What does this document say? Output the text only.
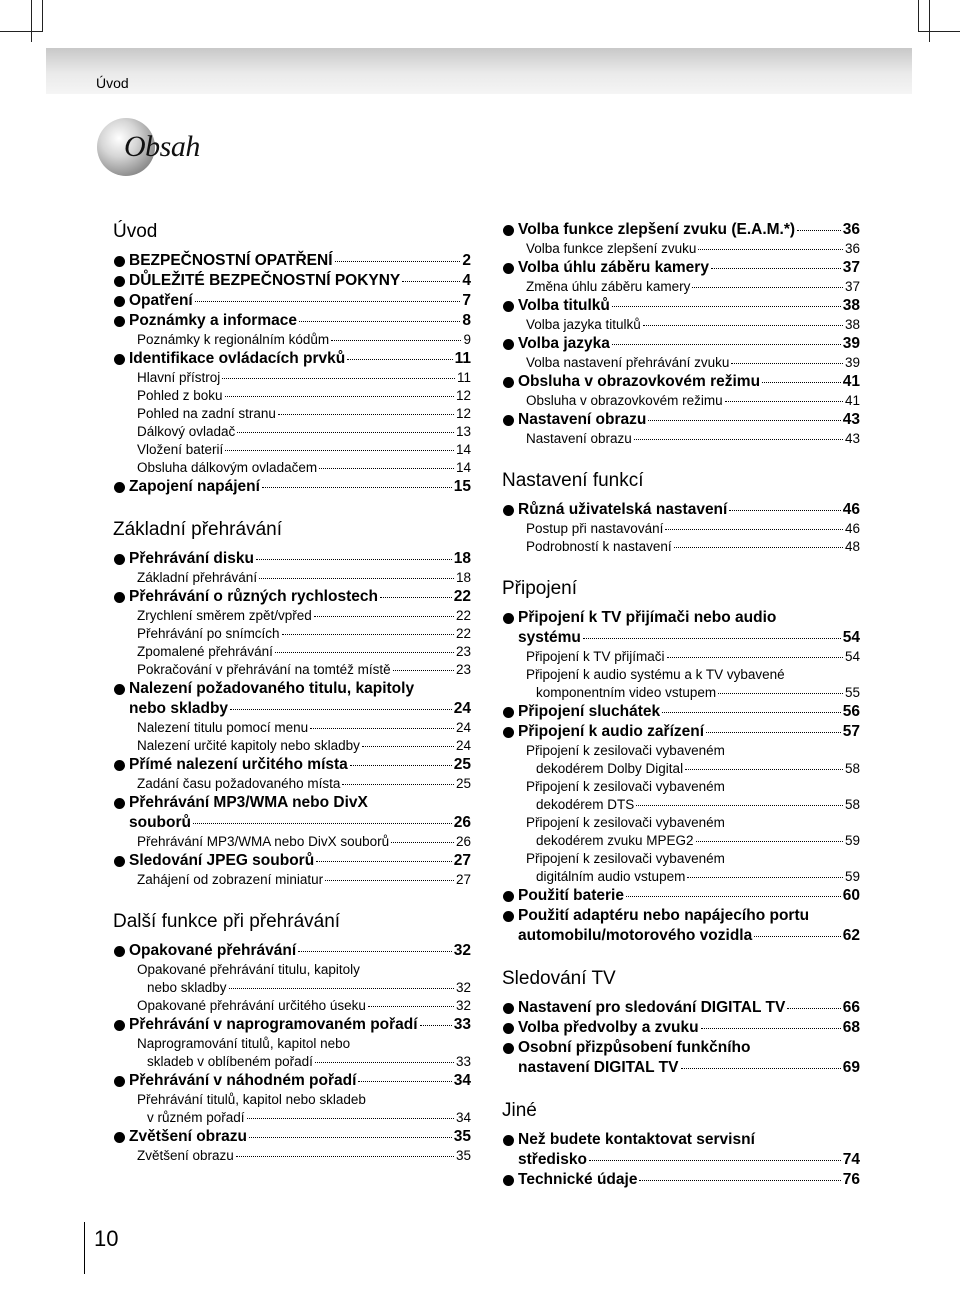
Úvod
Obsah
Úvod
BEZPEČNOSTNÍ OPATŘENÍ	2
DŮLEŽITÉ BEZPEČNOSTNÍ POKYNY	4
Opatření	7
Poznámky a informace	8
Poznámky k regionálním kódům	9
Identifikace ovládacích prvků	11
Hlavní přístroj	11
Pohled z boku	12
Pohled na zadní stranu	12
Dálkový ovladač	13
Vložení baterií	14
Obsluha dálkovým ovladačem	14
Zapojení napájení	15
Základní přehrávání
Přehrávání disku	18
Základní přehrávání	18
Přehrávání o různých rychlostech	22
Zrychlení směrem zpět/vpřed	22
Přehrávání po snímcích	22
Zpomalené přehrávání	23
Pokračování v přehrávání na tomtéž místě	23
Nalezení požadovaného titulu, kapitoly
nebo skladby	24
Nalezení titulu pomocí menu	24
Nalezení určité kapitoly nebo skladby	24
Přímé nalezení určitého místa	25
Zadání času požadovaného místa	25
Přehrávání MP3/WMA nebo DivX
souborů	26
Přehrávání MP3/WMA nebo DivX souborů	26
Sledování JPEG souborů	27
Zahájení od zobrazení miniatur	27
Další funkce při přehrávání
Opakované přehrávání	32
Opakované přehrávání titulu, kapitoly
nebo skladby	32
Opakované přehrávání určitého úseku	32
Přehrávání v naprogramovaném pořadí 33
Naprogramování titulů, kapitol nebo
skladeb v oblíbeném pořadí	33
Přehrávání v náhodném pořadí	34
Přehrávání titulů, kapitol nebo skladeb
v různém pořadí	34
Zvětšení obrazu	35
Zvětšení obrazu	35
Volba funkce zlepšení zvuku (E.A.M.*)	36
Volba funkce zlepšení zvuku	36
Volba úhlu záběru kamery	37
Změna úhlu záběru kamery	37
Volba titulků	38
Volba jazyka titulků	38
Volba jazyka	39
Volba nastavení přehrávání zvuku	39
Obsluha v obrazovkovém režimu	41
Obsluha v obrazovkovém režimu	41
Nastavení obrazu	43
Nastavení obrazu	43
Nastavení funkcí
Různá uživatelská nastavení	46
Postup při nastavování	46
Podrobností k nastavení	48
Připojení
Připojení k TV přijímači nebo audio
systému	54
Připojení k TV přijímači	54
Připojení k audio systému a k TV vybavené
komponentním video vstupem	55
Připojení sluchátek	56
Připojení k audio zařízení	57
Připojení k zesilovači vybaveném
dekodérem Dolby Digital	58
Připojení k zesilovači vybaveném
dekodérem DTS	58
Připojení k zesilovači vybaveném
dekodérem zvuku MPEG2	59
Připojení k zesilovači vybaveném
digitálním audio vstupem	59
Použití baterie	60
Použití adaptéru nebo napájecího portu
automobilu/motorového vozidla	62
Sledování TV
Nastavení pro sledování DIGITAL TV	66
Volba předvolby a zvuku	68
Osobní přizpůsobení funkčního
nastavení DIGITAL TV	69
Jiné
Než budete kontaktovat servisní
středisko	74
Technické údaje	76
10
